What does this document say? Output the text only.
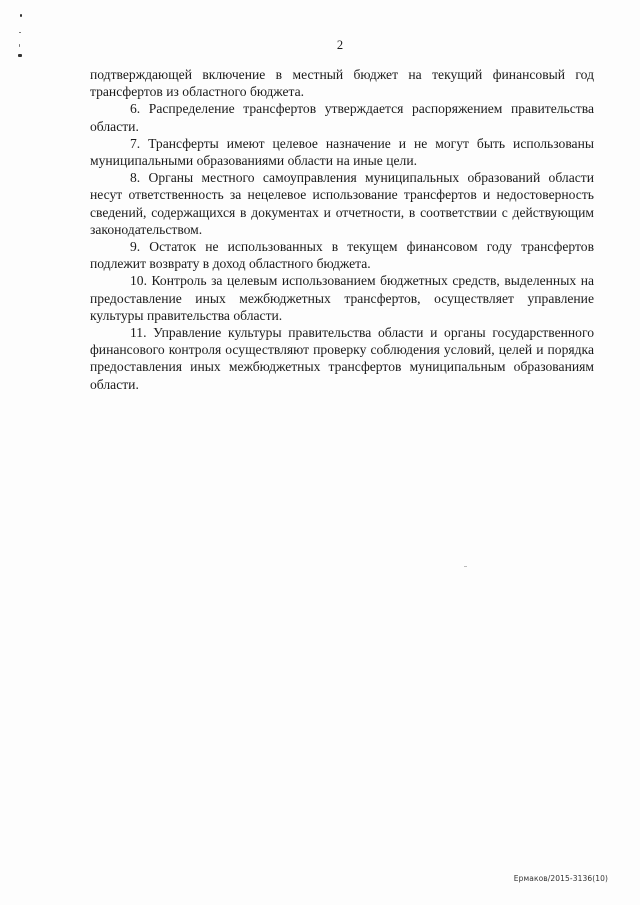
2

подтверждающей включение в местный бюджет на текущий финансовый год трансфертов из областного бюджета.

6. Распределение трансфертов утверждается распоряжением правительства области.

7. Трансферты имеют целевое назначение и не могут быть использованы муниципальными образованиями области на иные цели.

8. Органы местного самоуправления муниципальных образований области несут ответственность за нецелевое использование трансфертов и недостоверность сведений, содержащихся в документах и отчетности, в соответствии с действующим законодательством.

9. Остаток не использованных в текущем финансовом году трансфертов подлежит возврату в доход областного бюджета.

10. Контроль за целевым использованием бюджетных средств, выделенных на предоставление иных межбюджетных трансфертов, осуществляет управление культуры правительства области.

11. Управление культуры правительства области и органы государственного финансового контроля осуществляют проверку соблюдения условий, целей и порядка предоставления иных межбюджетных трансфертов муниципальным образованиям области.

Ермаков/2015-3136(10)
